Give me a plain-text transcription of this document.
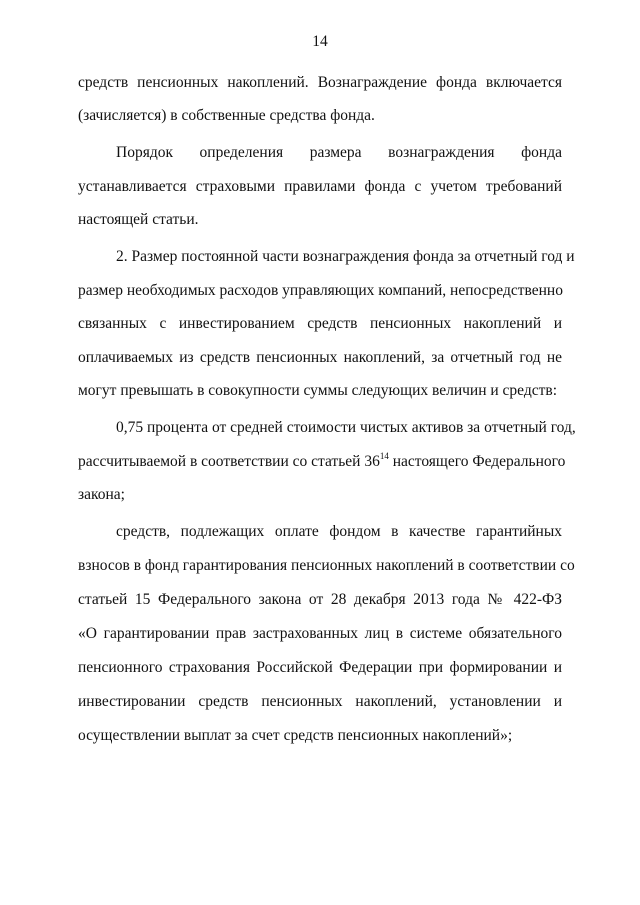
14
средств пенсионных накоплений. Вознаграждение фонда включается
(зачисляется) в собственные средства фонда.
Порядок определения размера вознаграждения фонда
устанавливается страховыми правилами фонда с учетом требований
настоящей статьи.
2. Размер постоянной части вознаграждения фонда за отчетный год и
размер необходимых расходов управляющих компаний, непосредственно
связанных с инвестированием средств пенсионных накоплений и
оплачиваемых из средств пенсионных накоплений, за отчетный год не
могут превышать в совокупности суммы следующих величин и средств:
0,75 процента от средней стоимости чистых активов за отчетный год,
рассчитываемой в соответствии со статьей $36^{14}$ настоящего Федерального
закона;
средств, подлежащих оплате фондом в качестве гарантийных
взносов в фонд гарантирования пенсионных накоплений в соответствии со
статьей 15 Федерального закона от 28 декабря 2013 года № 422-ФЗ
«О гарантировании прав застрахованных лиц в системе обязательного
пенсионного страхования Российской Федерации при формировании и
инвестировании средств пенсионных накоплений, установлении и
осуществлении выплат за счет средств пенсионных накоплений»;
